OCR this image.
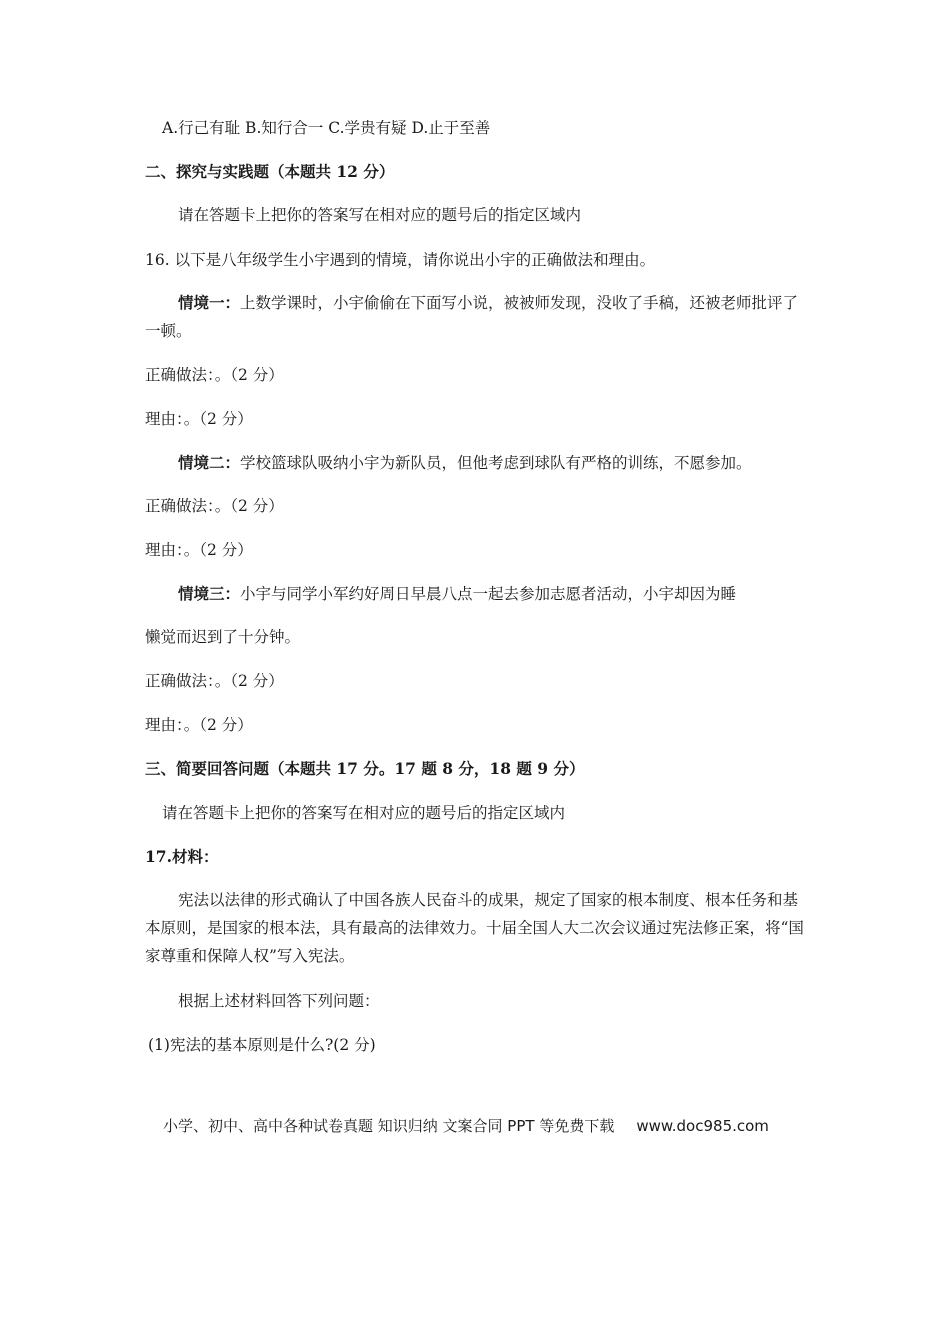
A.行己有耻 B.知行合一 C.学贵有疑 D.止于至善
二、探究与实践题（本题共 12 分）
请在答题卡上把你的答案写在相对应的题号后的指定区域内
16. 以下是八年级学生小宇遇到的情境，请你说出小宇的正确做法和理由。
情境一：上数学课时，小宇偷偷在下面写小说，被被师发现，没收了手稿，还被老师批评了一顿。
正确做法：。（2 分）
理由：。（2 分）
情境二：学校篮球队吸纳小宇为新队员，但他考虑到球队有严格的训练，不愿参加。
正确做法：。（2 分）
理由：。（2 分）
情境三：小宇与同学小军约好周日早晨八点一起去参加志愿者活动，小宇却因为睡
懒觉而迟到了十分钟。
正确做法：。（2 分）
理由：。（2 分）
三、简要回答问题（本题共 17 分。17 题 8 分，18 题 9 分）
请在答题卡上把你的答案写在相对应的题号后的指定区域内
17.材料：
宪法以法律的形式确认了中国各族人民奋斗的成果，规定了国家的根本制度、根本任务和基本原则，是国家的根本法，具有最高的法律效力。十届全国人大二次会议通过宪法修正案，将“国家尊重和保障人权”写入宪法。
根据上述材料回答下列问题：
(1)宪法的基本原则是什么?(2 分)
小学、初中、高中各种试卷真题 知识归纳 文案合同 PPT 等免费下载 www.doc985.com
